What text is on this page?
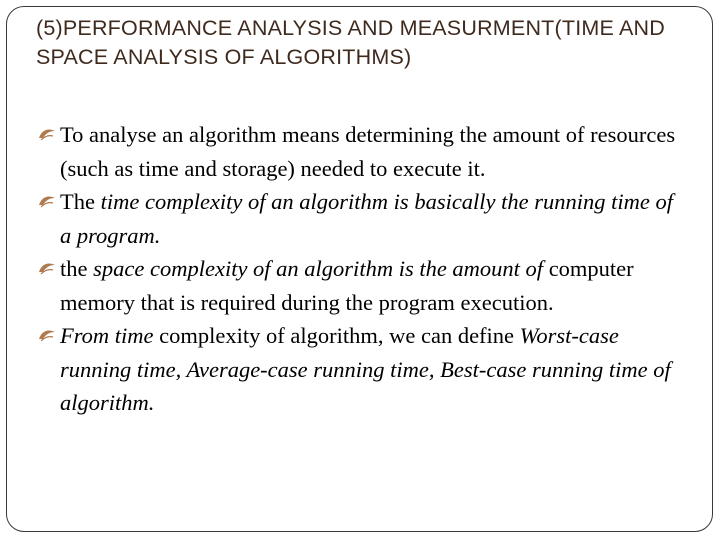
(5)PERFORMANCE ANALYSIS AND MEASURMENT(TIME AND SPACE ANALYSIS OF ALGORITHMS)
To analyse an algorithm means determining the amount of resources (such as time and storage) needed to execute it.
The time complexity of an algorithm is basically the running time of a program.
the space complexity of an algorithm is the amount of computer memory that is required during the program execution.
From time complexity of algorithm, we can define Worst-case running time, Average-case running time, Best-case running time of algorithm.
